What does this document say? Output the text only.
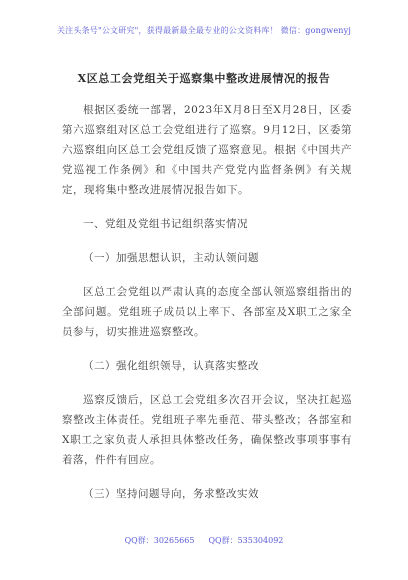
关注头条号"公文研究"，获得最新最全最专业的公文资料库！ 微信：gongwenyj
X区总工会党组关于巡察集中整改进展情况的报告

根据区委统一部署，2023年X月8日至X月28日，区委第六巡察组对区总工会党组进行了巡察。9月12日，区委第六巡察组向区总工会党组反馈了巡察意见。根据《中国共产党巡视工作条例》和《中国共产党党内监督条例》有关规定，现将集中整改进展情况报告如下。

一、党组及党组书记组织落实情况

（一）加强思想认识，主动认领问题

区总工会党组以严肃认真的态度全部认领巡察组指出的全部问题。党组班子成员以上率下、各部室及X职工之家全员参与，切实推进巡察整改。

（二）强化组织领导，认真落实整改

巡察反馈后，区总工会党组多次召开会议，坚决扛起巡察整改主体责任。党组班子率先垂范、带头整改；各部室和X职工之家负责人承担具体整改任务，确保整改事项事事有着落，件件有回应。

（三）坚持问题导向，务求整改实效

QQ群：30265665 QQ群：535304092
